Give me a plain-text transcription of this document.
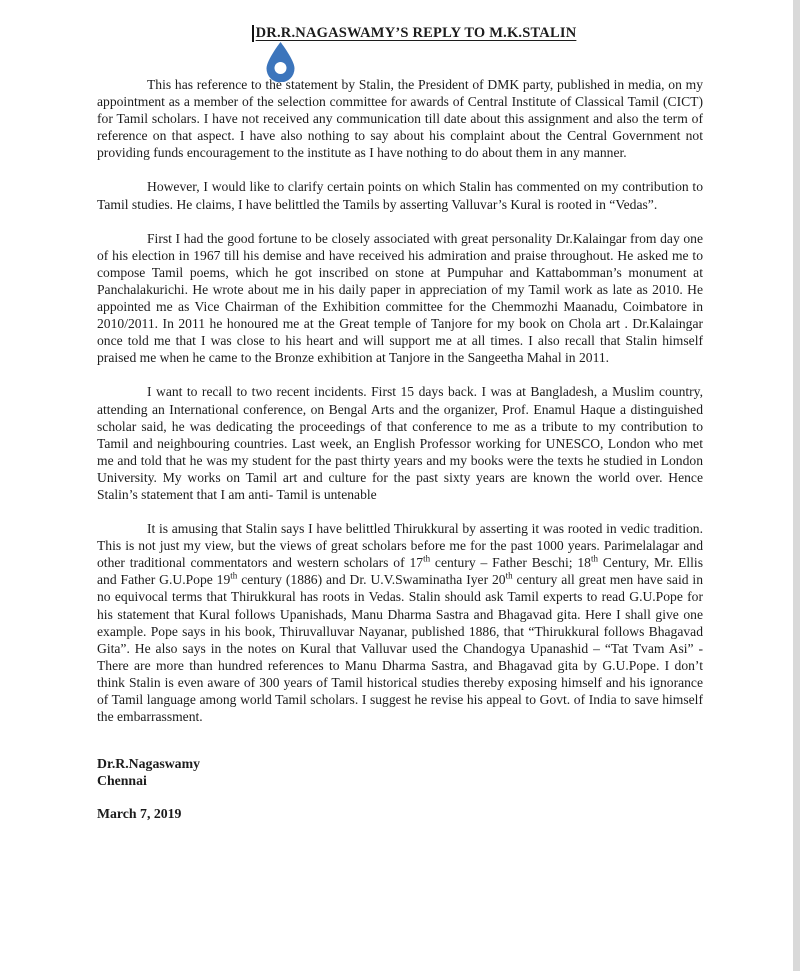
DR.R.NAGASWAMY’S REPLY TO M.K.STALIN

This has reference to the statement by Stalin, the President of DMK party, published in media, on my appointment as a member of the selection committee for awards of Central Institute of Classical Tamil (CICT) for Tamil scholars. I have not received any communication till date about this assignment and also the term of reference on that aspect. I have also nothing to say about his complaint about the Central Government not providing funds encouragement to the institute as I have nothing to do about them in any manner.

However, I would like to clarify certain points on which Stalin has commented on my contribution to Tamil studies. He claims, I have belittled the Tamils by asserting Valluvar’s Kural is rooted in “Vedas”.

First I had the good fortune to be closely associated with great personality Dr.Kalaingar from day one of his election in 1967 till his demise and have received his admiration and praise throughout. He asked me to compose Tamil poems, which he got inscribed on stone at Pumpuhar and Kattabomman’s monument at Panchalakurichi. He wrote about me in his daily paper in appreciation of my Tamil work as late as 2010. He appointed me as Vice Chairman of the Exhibition committee for the Chemmozhi Maanadu, Coimbatore in 2010/2011. In 2011 he honoured me at the Great temple of Tanjore for my book on Chola art . Dr.Kalaingar once told me that I was close to his heart and will support me at all times. I also recall that Stalin himself praised me when he came to the Bronze exhibition at Tanjore in the Sangeetha Mahal in 2011.

I want to recall to two recent incidents. First 15 days back. I was at Bangladesh, a Muslim country, attending an International conference, on Bengal Arts and the organizer, Prof. Enamul Haque a distinguished scholar said, he was dedicating the proceedings of that conference to me as a tribute to my contribution to Tamil and neighbouring countries. Last week, an English Professor working for UNESCO, London who met me and told that he was my student for the past thirty years and my books were the texts he studied in London University. My works on Tamil art and culture for the past sixty years are known the world over. Hence Stalin’s statement that I am anti- Tamil is untenable

It is amusing that Stalin says I have belittled Thirukkural by asserting it was rooted in vedic tradition. This is not just my view, but the views of great scholars before me for the past 1000 years. Parimelalagar and other traditional commentators and western scholars of 17th century – Father Beschi; 18th Century, Mr. Ellis and Father G.U.Pope 19th century (1886) and Dr. U.V.Swaminatha Iyer 20th century all great men have said in no equivocal terms that Thirukkural has roots in Vedas. Stalin should ask Tamil experts to read G.U.Pope for his statement that Kural follows Upanishads, Manu Dharma Sastra and Bhagavad gita. Here I shall give one example. Pope says in his book, Thiruvalluvar Nayanar, published 1886, that “Thirukkural follows Bhagavad Gita”. He also says in the notes on Kural that Valluvar used the Chandogya Upanashid – “Tat Tvam Asi” - There are more than hundred references to Manu Dharma Sastra, and Bhagavad gita by G.U.Pope. I don’t think Stalin is even aware of 300 years of Tamil historical studies thereby exposing himself and his ignorance of Tamil language among world Tamil scholars. I suggest he revise his appeal to Govt. of India to save himself the embarrassment.

Dr.R.Nagaswamy
Chennai
March 7, 2019
